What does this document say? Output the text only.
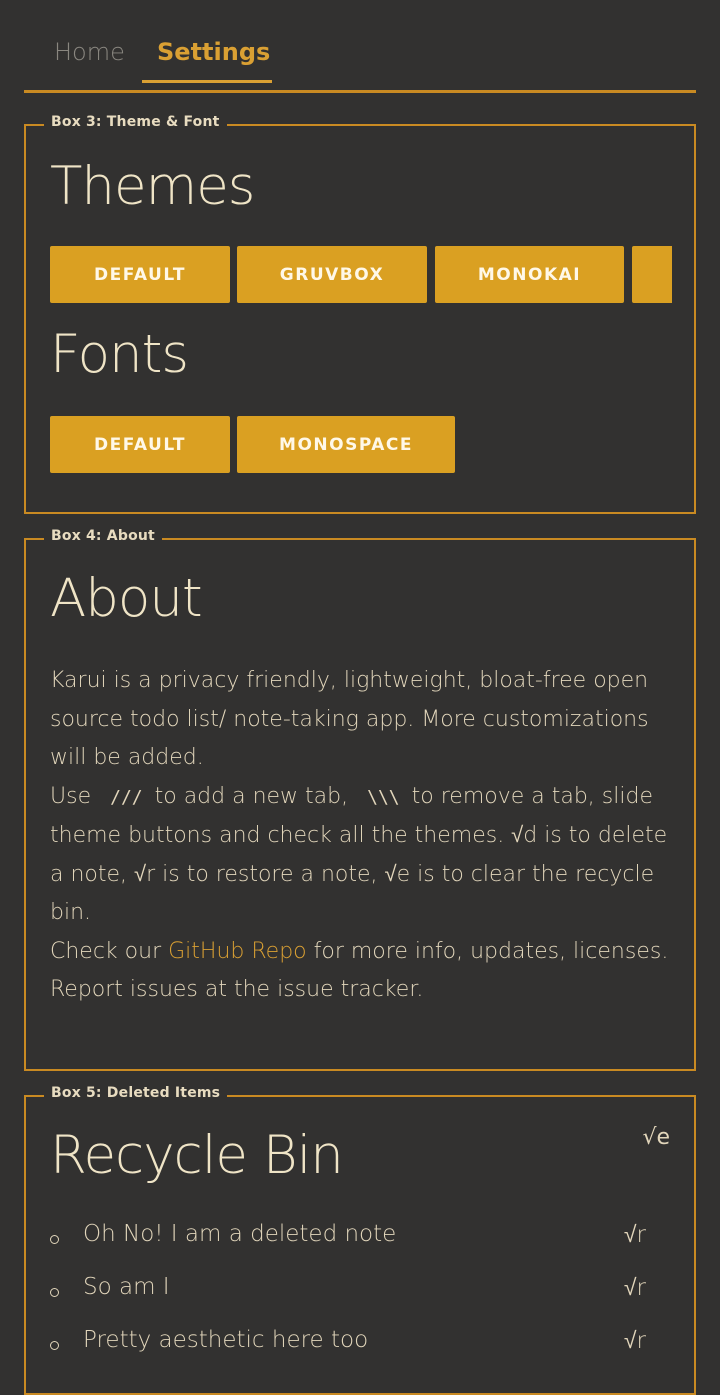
Home Settings
Box 3: Theme & Font
Themes
DEFAULT	GRUVBOX	MONOKAI
Fonts
DEFAULT	MONOSPACE
Box 4: About
About
Karui is a privacy friendly, lightweight, bloat-free open source todo list/ note-taking app. More customizations will be added.
Use /// to add a new tab, \\\ to remove a tab, slide theme buttons and check all the themes. √d is to delete a note, √r is to restore a note, √e is to clear the recycle bin.
Check our GitHub Repo for more info, updates, licenses. Report issues at the issue tracker.
Box 5: Deleted Items
Recycle Bin	√e
Oh No! I am a deleted note	√r
So am I	√r
Pretty aesthetic here too	√r
